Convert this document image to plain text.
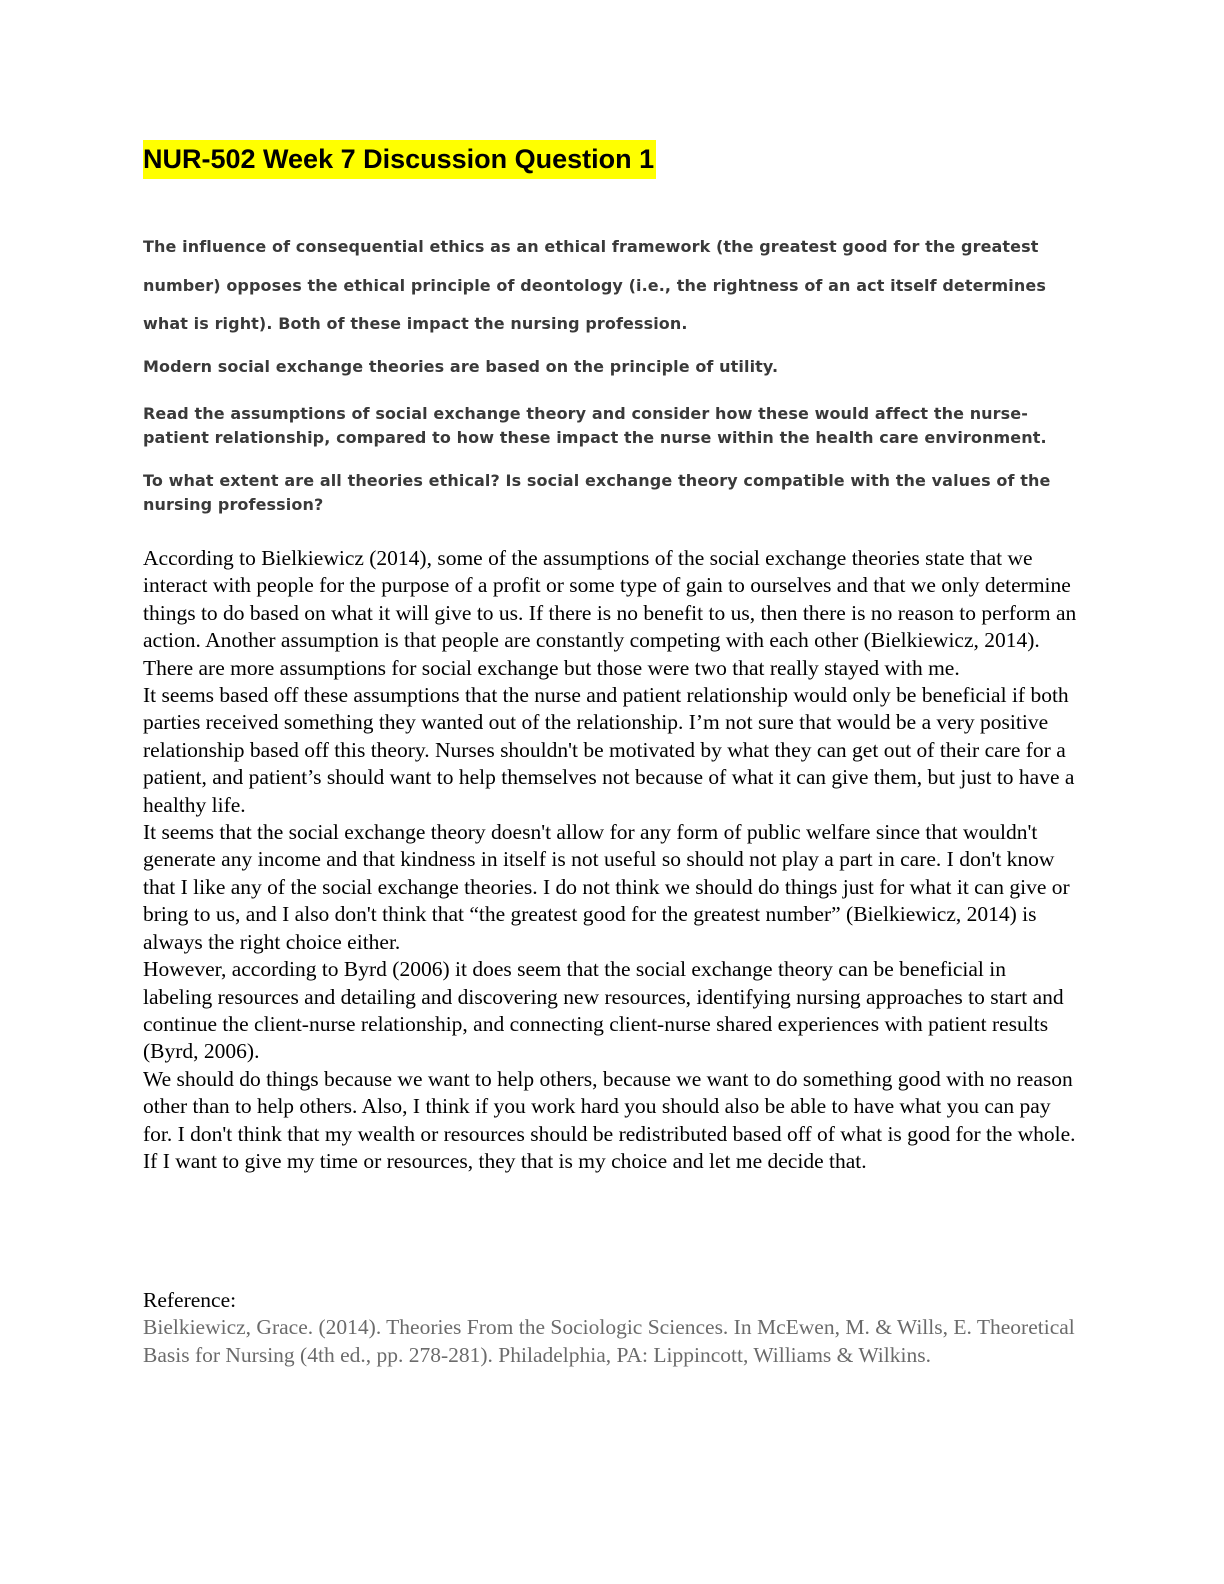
NUR-502 Week 7 Discussion Question 1

The influence of consequential ethics as an ethical framework (the greatest good for the greatest number) opposes the ethical principle of deontology (i.e., the rightness of an act itself determines what is right). Both of these impact the nursing profession.

Modern social exchange theories are based on the principle of utility.

Read the assumptions of social exchange theory and consider how these would affect the nurse-patient relationship, compared to how these impact the nurse within the health care environment.

To what extent are all theories ethical? Is social exchange theory compatible with the values of the nursing profession?

According to Bielkiewicz (2014), some of the assumptions of the social exchange theories state that we interact with people for the purpose of a profit or some type of gain to ourselves and that we only determine things to do based on what it will give to us. If there is no benefit to us, then there is no reason to perform an action. Another assumption is that people are constantly competing with each other (Bielkiewicz, 2014). There are more assumptions for social exchange but those were two that really stayed with me.

It seems based off these assumptions that the nurse and patient relationship would only be beneficial if both parties received something they wanted out of the relationship. I’m not sure that would be a very positive relationship based off this theory. Nurses shouldn't be motivated by what they can get out of their care for a patient, and patient’s should want to help themselves not because of what it can give them, but just to have a healthy life.

It seems that the social exchange theory doesn't allow for any form of public welfare since that wouldn't generate any income and that kindness in itself is not useful so should not play a part in care. I don't know that I like any of the social exchange theories. I do not think we should do things just for what it can give or bring to us, and I also don't think that “the greatest good for the greatest number” (Bielkiewicz, 2014) is always the right choice either.

However, according to Byrd (2006) it does seem that the social exchange theory can be beneficial in labeling resources and detailing and discovering new resources, identifying nursing approaches to start and continue the client-nurse relationship, and connecting client-nurse shared experiences with patient results (Byrd, 2006).

We should do things because we want to help others, because we want to do something good with no reason other than to help others. Also, I think if you work hard you should also be able to have what you can pay for. I don't think that my wealth or resources should be redistributed based off of what is good for the whole. If I want to give my time or resources, they that is my choice and let me decide that.

Reference:

Bielkiewicz, Grace. (2014). Theories From the Sociologic Sciences. In McEwen, M. & Wills, E. Theoretical Basis for Nursing (4th ed., pp. 278-281). Philadelphia, PA: Lippincott, Williams & Wilkins.
